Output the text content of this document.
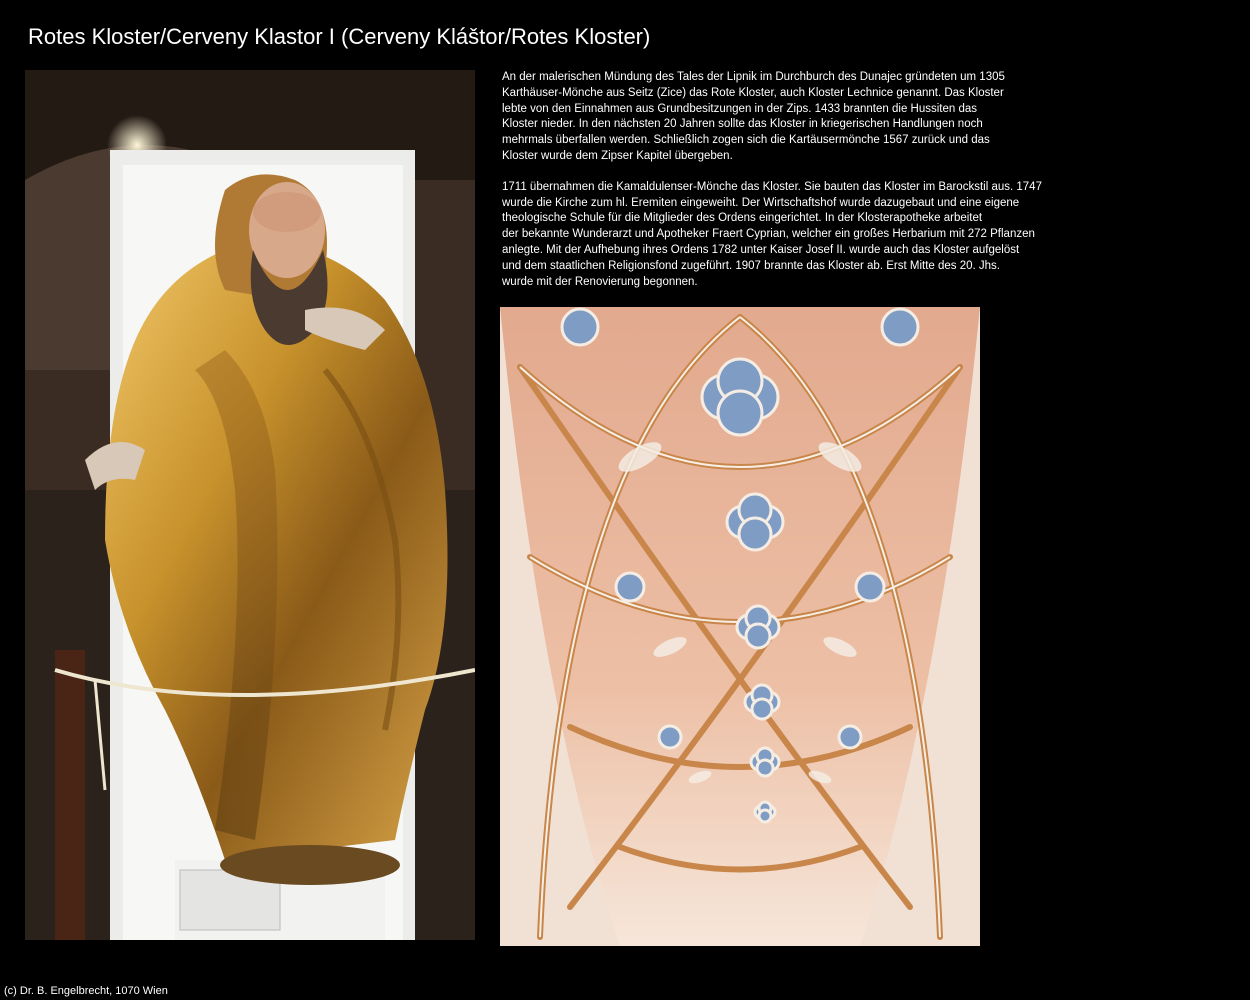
Rotes Kloster/Cerveny Klastor I (Cerveny Kláštor/Rotes Kloster)

An der malerischen Mündung des Tales der Lipnik im Durchburch des Dunajec gründeten um 1305
Karthäuser-Mönche aus Seitz (Zice) das Rote Kloster, auch Kloster Lechnice genannt. Das Kloster
lebte von den Einnahmen aus Grundbesitzungen in der Zips. 1433 brannten die Hussiten das
Kloster nieder. In den nächsten 20 Jahren sollte das Kloster in kriegerischen Handlungen noch
mehrmals überfallen werden. Schließlich zogen sich die Kartäusermönche 1567 zurück und das
Kloster wurde dem Zipser Kapitel übergeben.

1711 übernahmen die Kamaldulenser-Mönche das Kloster. Sie bauten das Kloster im Barockstil aus. 1747
wurde die Kirche zum hl. Eremiten eingeweiht. Der Wirtschaftshof wurde dazugebaut und eine eigene
theologische Schule für die Mitglieder des Ordens eingerichtet. In der Klosterapotheke arbeitet
der bekannte Wunderarzt und Apotheker Fraert Cyprian, welcher ein großes Herbarium mit 272 Pflanzen
anlegte. Mit der Aufhebung ihres Ordens 1782 unter Kaiser Josef II. wurde auch das Kloster aufgelöst
und dem staatlichen Religionsfond zugeführt. 1907 brannte das Kloster ab. Erst Mitte des 20. Jhs.
wurde mit der Renovierung begonnen.

(c) Dr. B. Engelbrecht, 1070 Wien
